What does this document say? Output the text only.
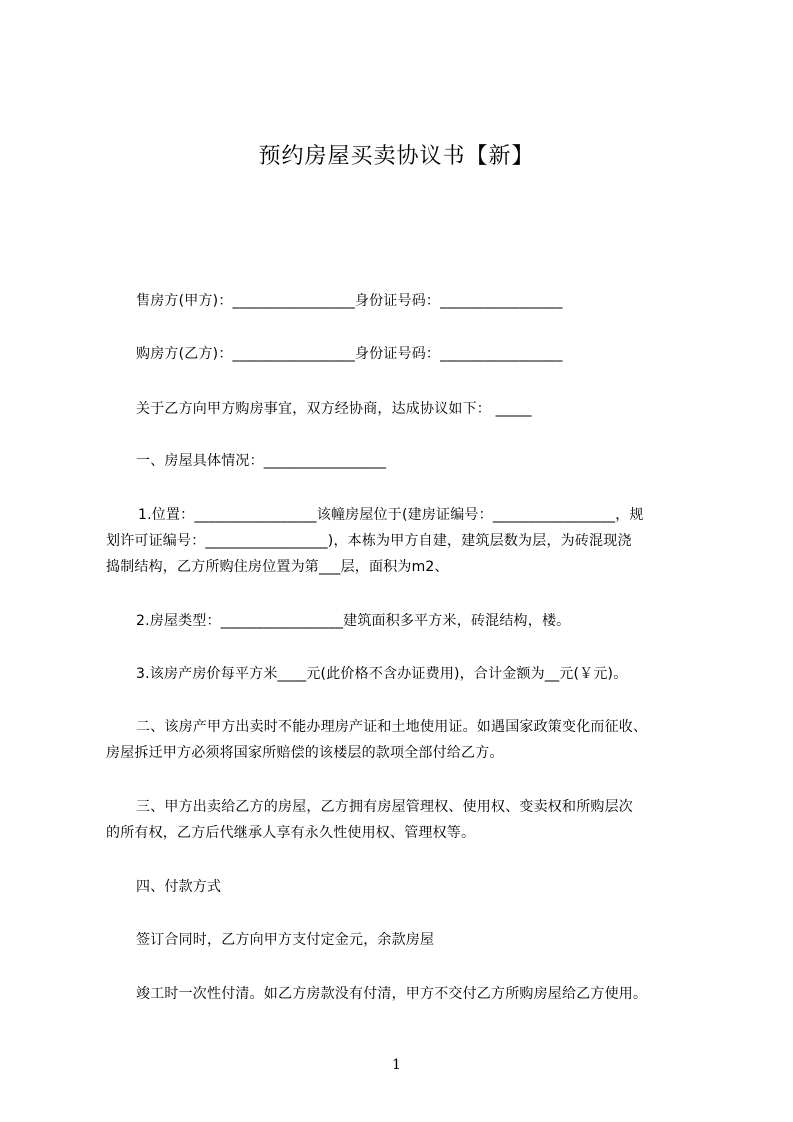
预约房屋买卖协议书【新】
售房方(甲方)：_________________身份证号码：_________________
购房方(乙方)：_________________身份证号码：_________________
关于乙方向甲方购房事宜，双方经协商，达成协议如下： _____
一、房屋具体情况：_________________
1.位置：_________________该幢房屋位于(建房证编号：_________________，规
划许可证编号：_________________)，本栋为甲方自建，建筑层数为层，为砖混现浇
捣制结构，乙方所购住房位置为第___层，面积为m2、
2.房屋类型：_________________建筑面积多平方米，砖混结构，楼。
3.该房产房价每平方米____元(此价格不含办证费用)，合计金额为__元(￥元)。
二、该房产甲方出卖时不能办理房产证和土地使用证。如遇国家政策变化而征收、
房屋拆迁甲方必须将国家所赔偿的该楼层的款项全部付给乙方。
三、甲方出卖给乙方的房屋，乙方拥有房屋管理权、使用权、变卖权和所购层次
的所有权，乙方后代继承人享有永久性使用权、管理权等。
四、付款方式
签订合同时，乙方向甲方支付定金元，余款房屋
竣工时一次性付清。如乙方房款没有付清，甲方不交付乙方所购房屋给乙方使用。
1
